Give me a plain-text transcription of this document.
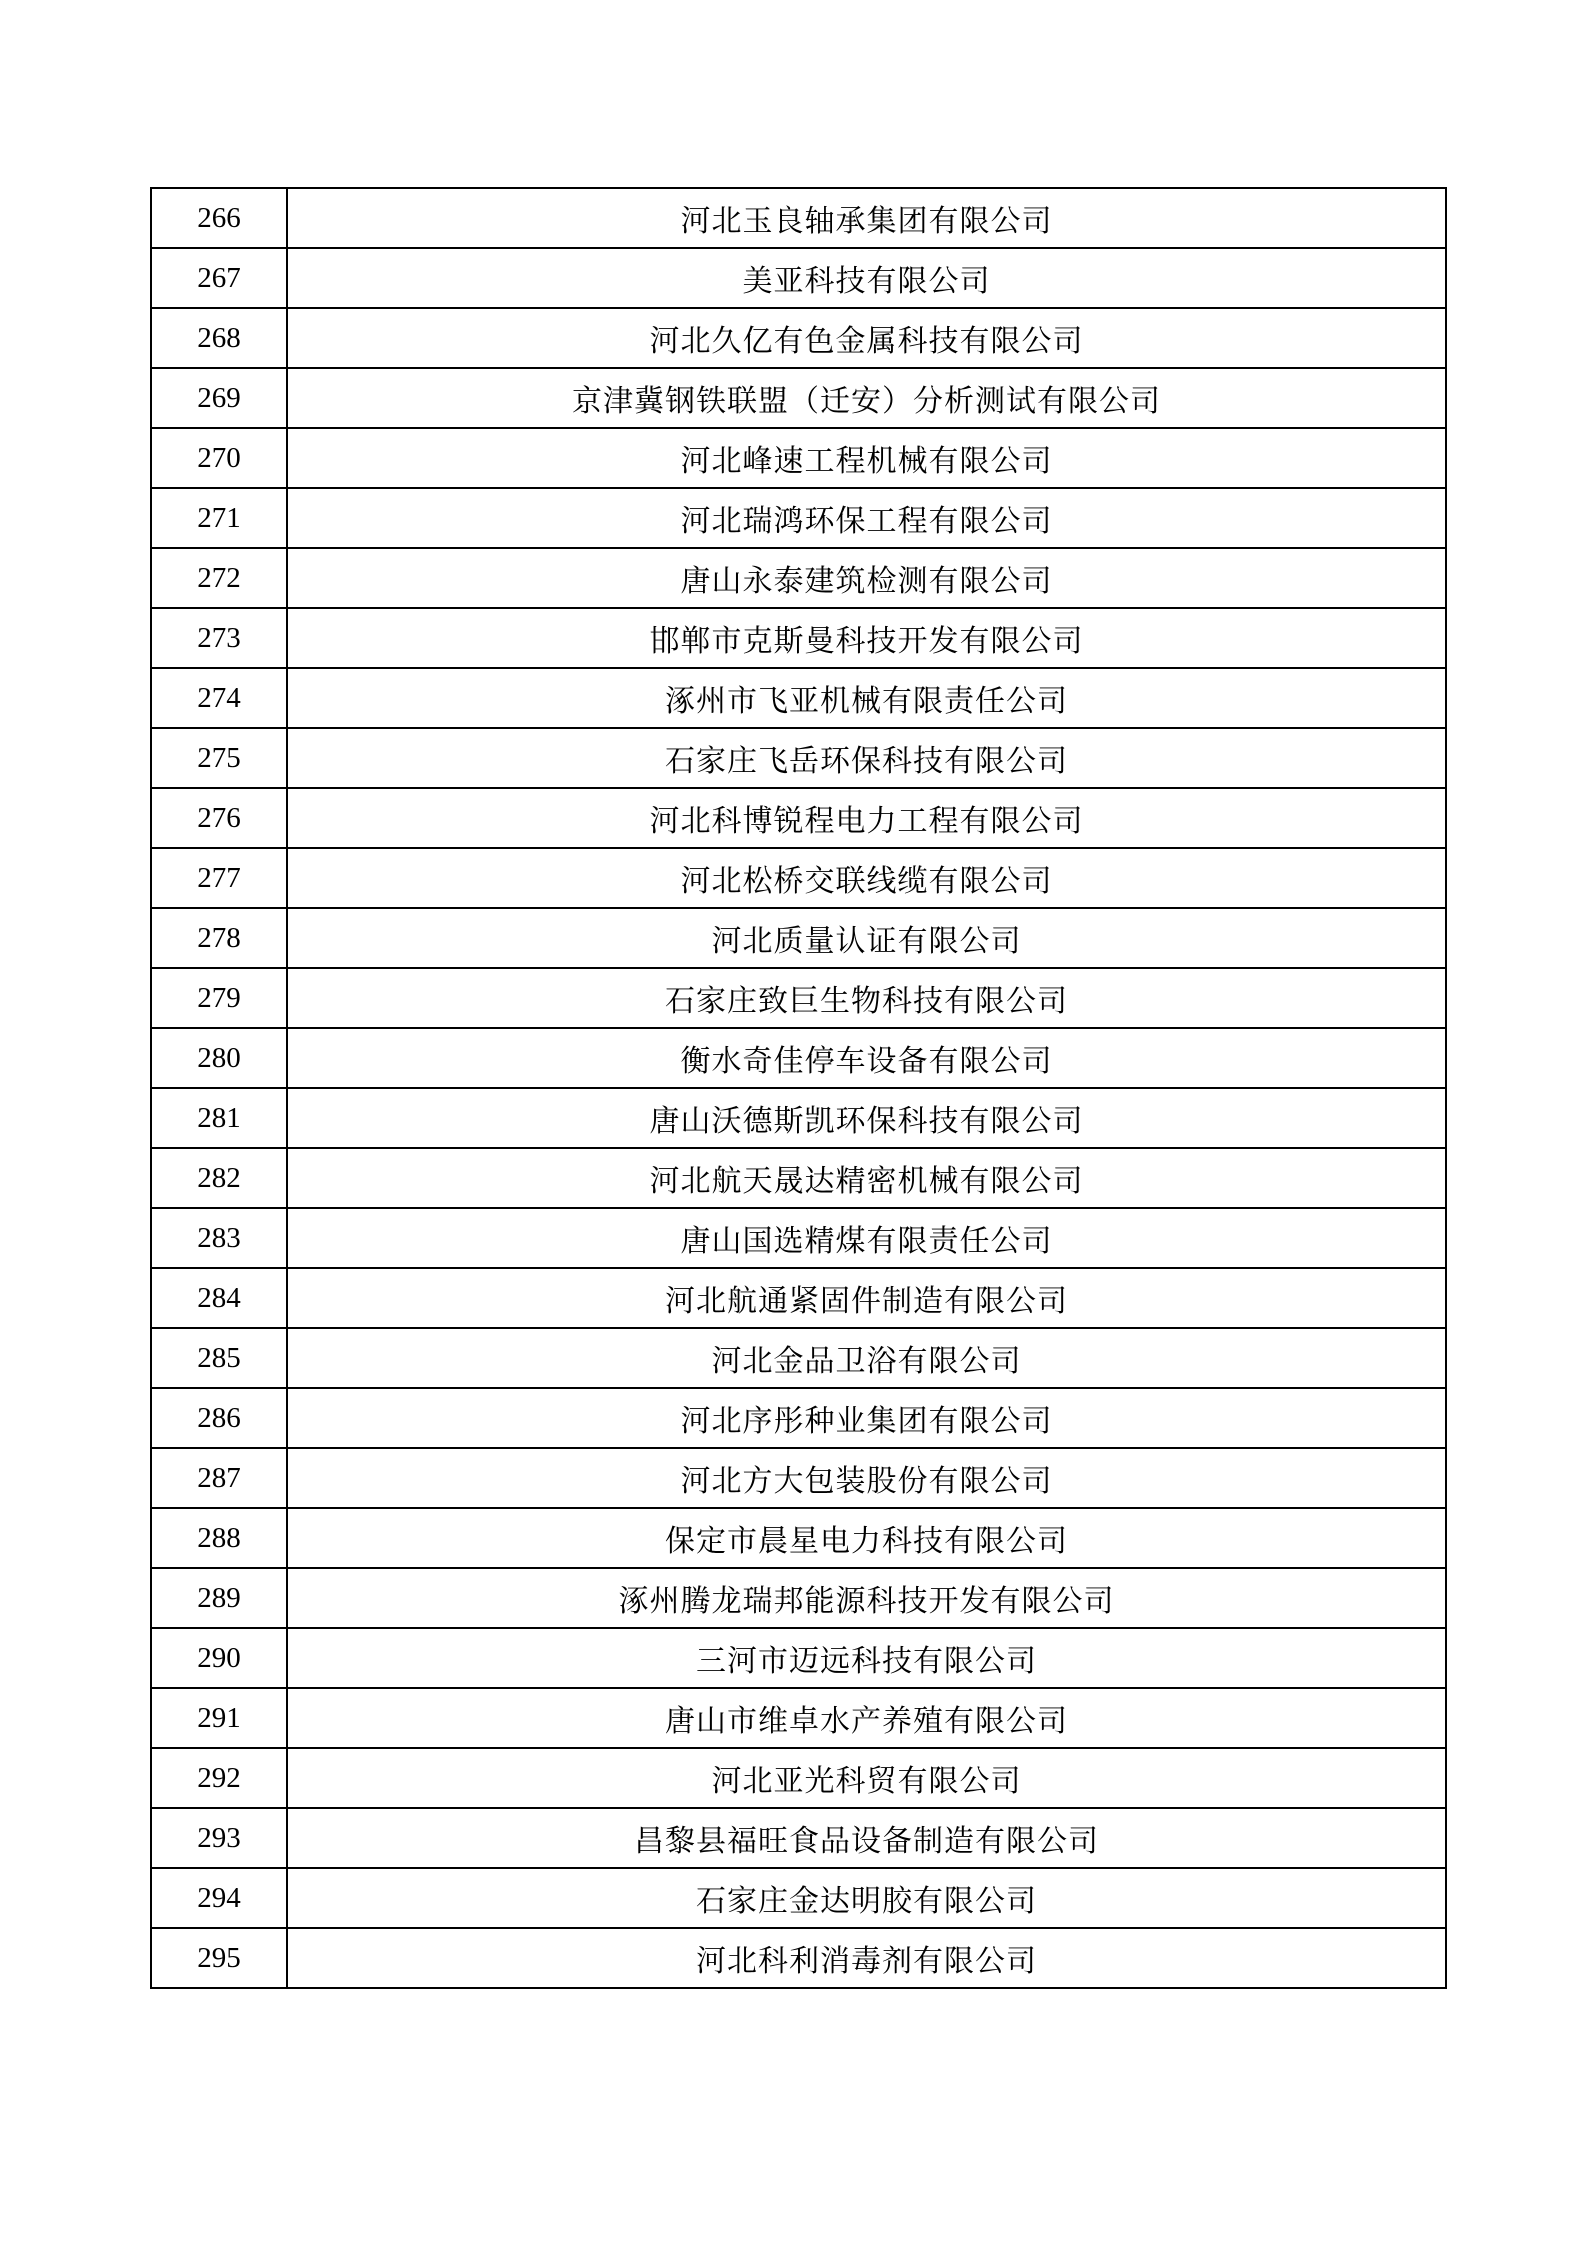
266	河北玉良轴承集团有限公司
267	美亚科技有限公司
268	河北久亿有色金属科技有限公司
269	京津冀钢铁联盟（迁安）分析测试有限公司
270	河北峰速工程机械有限公司
271	河北瑞鸿环保工程有限公司
272	唐山永泰建筑检测有限公司
273	邯郸市克斯曼科技开发有限公司
274	涿州市飞亚机械有限责任公司
275	石家庄飞岳环保科技有限公司
276	河北科博锐程电力工程有限公司
277	河北松桥交联线缆有限公司
278	河北质量认证有限公司
279	石家庄致巨生物科技有限公司
280	衡水奇佳停车设备有限公司
281	唐山沃德斯凯环保科技有限公司
282	河北航天晟达精密机械有限公司
283	唐山国选精煤有限责任公司
284	河北航通紧固件制造有限公司
285	河北金品卫浴有限公司
286	河北序彤种业集团有限公司
287	河北方大包装股份有限公司
288	保定市晨星电力科技有限公司
289	涿州腾龙瑞邦能源科技开发有限公司
290	三河市迈远科技有限公司
291	唐山市维卓水产养殖有限公司
292	河北亚光科贸有限公司
293	昌黎县福旺食品设备制造有限公司
294	石家庄金达明胶有限公司
295	河北科利消毒剂有限公司
